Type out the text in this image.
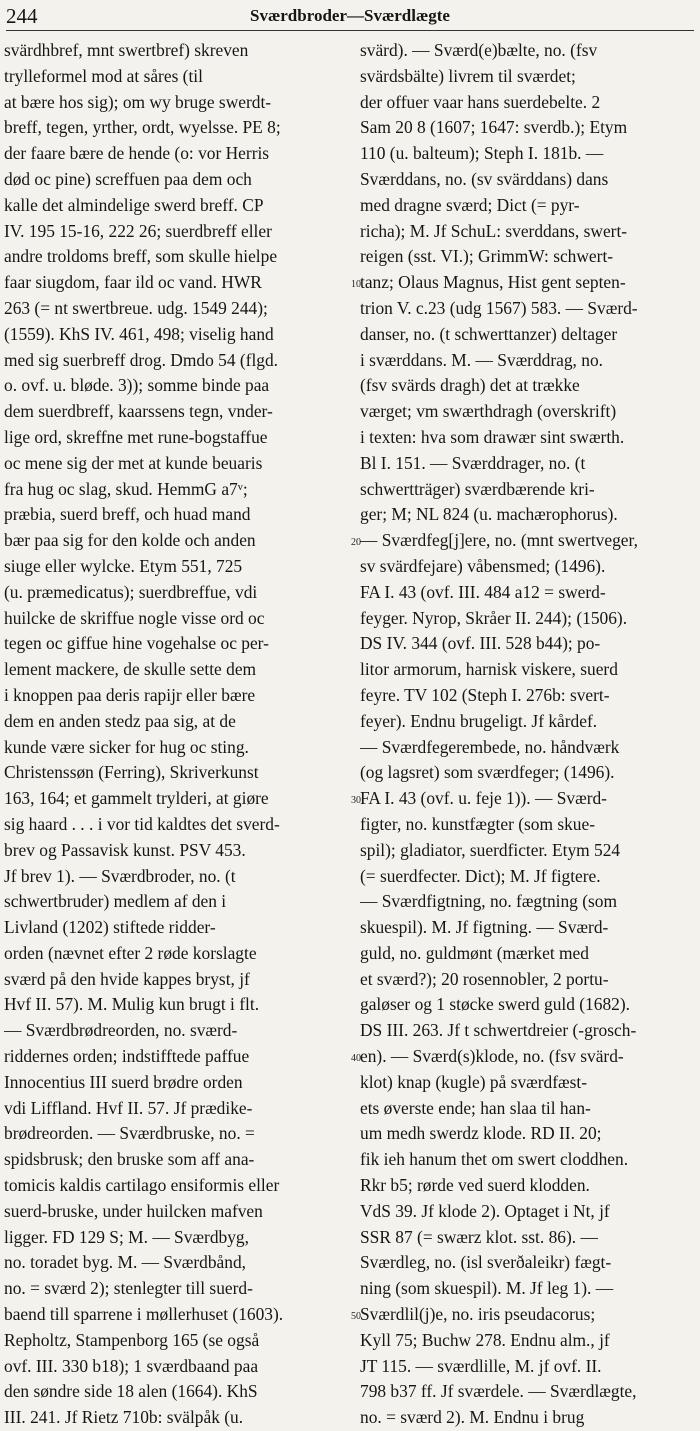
244	Sværdbroder—Sværdlægte
svärdhbref, mnt swertbref) skreven
trylleformel mod at såres (til
at bære hos sig); om wy bruge swerdt-
breff, tegen, yrther, ordt, wyelsse. PE 8;
der faare bære de hende (o: vor Herris
død oc pine) screffuen paa dem och
kalle det almindelige swerd breff. CP
IV. 195 15-16, 222 26; suerdbreff eller
andre troldoms breff, som skulle hielpe
faar siugdom, faar ild oc vand. HWR
263 (= nt swertbreue. udg. 1549 244);
(1559). KhS IV. 461, 498; viselig hand
med sig suerbreff drog. Dmdo 54 (flgd.
o. ovf. u. bløde. 3)); somme binde paa
dem suerdbreff, kaarssens tegn, vnder-
lige ord, skreffne met rune-bogstaffue
oc mene sig der met at kunde beuaris
fra hug oc slag, skud. HemmG a7ᵛ;
præbia, suerd breff, och huad mand
bær paa sig for den kolde och anden
siuge eller wylcke. Etym 551, 725
(u. præmedicatus); suerdbreffue, vdi
huilcke de skriffue nogle visse ord oc
tegen oc giffue hine vogehalse oc per-
lement mackere, de skulle sette dem
i knoppen paa deris rapijr eller bære
dem en anden stedz paa sig, at de
kunde være sicker for hug oc sting.
Christenssøn (Ferring), Skriverkunst
163, 164; et gammelt trylderi, at giøre
sig haard . . . i vor tid kaldtes det sverd-
brev og Passavisk kunst. PSV 453.
Jf brev 1). — Sværdbroder, no. (t
schwertbruder) medlem af den i
Livland (1202) stiftede ridder-
orden (nævnet efter 2 røde korslagte
sværd på den hvide kappes bryst, jf
Hvf II. 57). M. Mulig kun brugt i flt.
— Sværdbrødreorden, no. sværd-
riddernes orden; indstifftede paffue
Innocentius III suerd brødre orden
vdi Liffland. Hvf II. 57. Jf prædike-
brødreorden. — Sværdbruske, no. =
spidsbrusk; den bruske som aff ana-
tomicis kaldis cartilago ensiformis eller
suerd-bruske, under huilcken mafven
ligger. FD 129 S; M. — Sværdbyg,
no. toradet byg. M. — Sværdbånd,
no. = sværd 2); stenlegter till suerd-
baend till sparrene i møllerhuset (1603).
Repholtz, Stampenborg 165 (se også
ovf. III. 330 b18); 1 sværdbaand paa
den søndre side 18 alen (1664). KhS
III. 241. Jf Rietz 710b: svälpåk (u.
10
20
30
40
50
svärd). — Sværd(e)bælte, no. (fsv
svärdsbälte) livrem til sværdet;
der offuer vaar hans suerdebelte. 2
Sam 20 8 (1607; 1647: sverdb.); Etym
110 (u. balteum); Steph I. 181b. —
Sværddans, no. (sv svärddans) dans
med dragne sværd; Dict (= pyr-
richa); M. Jf SchuL: sverddans, swert-
reigen (sst. VI.); GrimmW: schwert-
tanz; Olaus Magnus, Hist gent septen-
trion V. c.23 (udg 1567) 583. — Sværd-
danser, no. (t schwerttanzer) deltager
i sværddans. M. — Sværddrag, no.
(fsv svärds dragh) det at trække
værget; vm swærthdragh (overskrift)
i texten: hva som drawær sint swærth.
Bl I. 151. — Sværddrager, no. (t
schwertträger) sværdbærende kri-
ger; M; NL 824 (u. machærophorus).
— Sværdfeg[j]ere, no. (mnt swertveger,
sv svärdfejare) våbensmed; (1496).
FA I. 43 (ovf. III. 484 a12 = swerd-
feyger. Nyrop, Skråer II. 244); (1506).
DS IV. 344 (ovf. III. 528 b44); po-
litor armorum, harnisk viskere, suerd
feyre. TV 102 (Steph I. 276b: svert-
feyer). Endnu brugeligt. Jf kårdef.
— Sværdfegerembede, no. håndværk
(og lagsret) som sværdfeger; (1496).
FA I. 43 (ovf. u. feje 1)). — Sværd-
figter, no. kunstfægter (som skue-
spil); gladiator, suerdficter. Etym 524
(= suerdfecter. Dict); M. Jf figtere.
— Sværdfigtning, no. fægtning (som
skuespil). M. Jf figtning. — Sværd-
guld, no. guldmønt (mærket med
et sværd?); 20 rosennobler, 2 portu-
galøser og 1 støcke swerd guld (1682).
DS III. 263. Jf t schwertdreier (-grosch-
en). — Sværd(s)klode, no. (fsv svärd-
klot) knap (kugle) på sværdfæst-
ets øverste ende; han slaa til han-
um medh swerdz klode. RD II. 20;
fik ieh hanum thet om swert cloddhen.
Rkr b5; rørde ved suerd klodden.
VdS 39. Jf klode 2). Optaget i Nt, jf
SSR 87 (= swærz klot. sst. 86). —
Sværdleg, no. (isl sverðaleikr) fægt-
ning (som skuespil). M. Jf leg 1). —
Sværdlil(j)e, no. iris pseudacorus;
Kyll 75; Buchw 278. Endnu alm., jf
JT 115. — sværdlille, M. jf ovf. II.
798 b37 ff. Jf sværdele. — Sværdlægte,
no. = sværd 2). M. Endnu i brug
